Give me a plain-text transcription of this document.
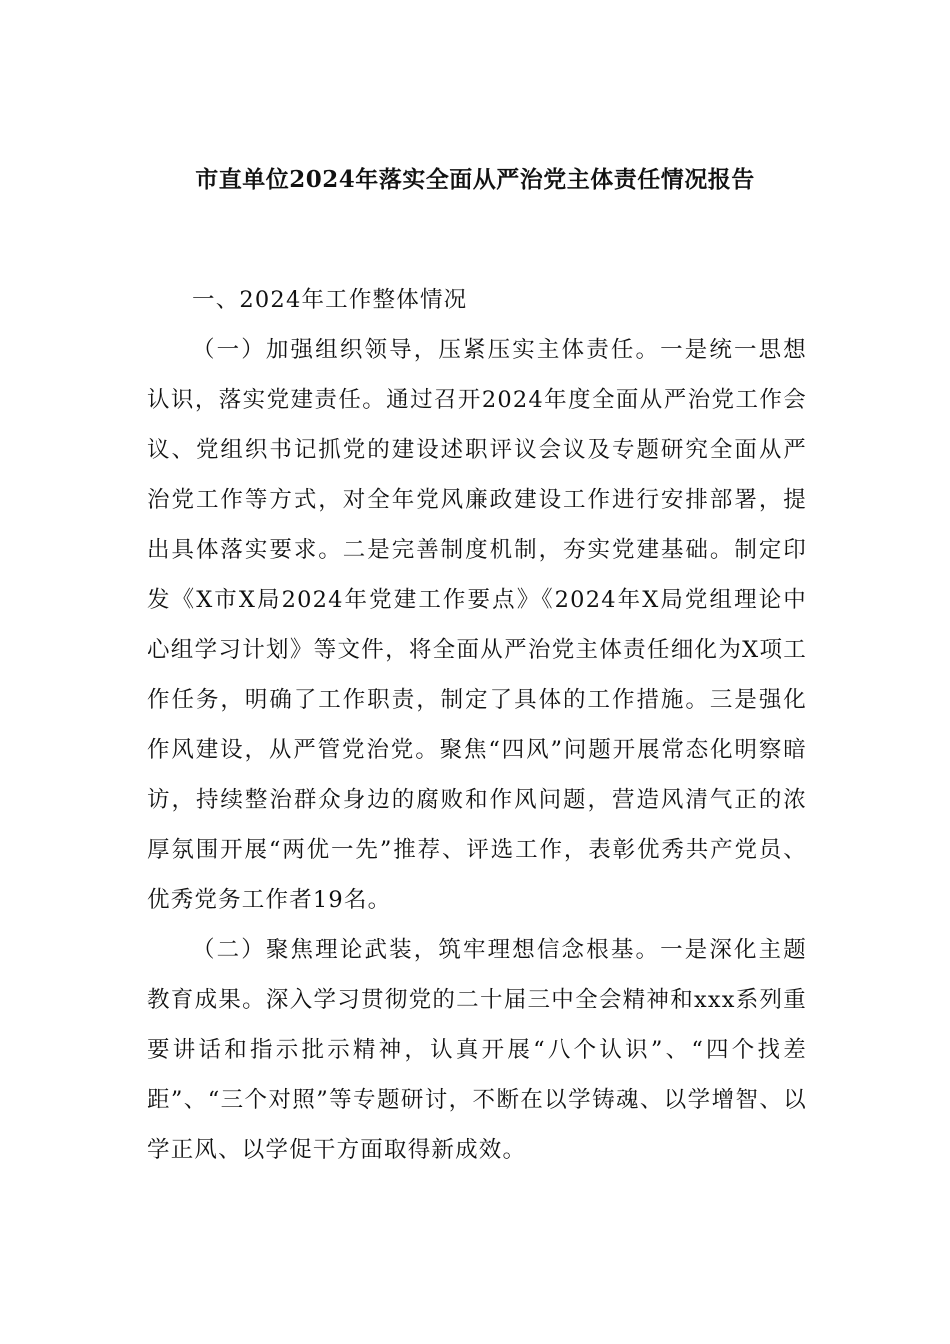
市直单位2024年落实全面从严治党主体责任情况报告
一、2024年工作整体情况

（一）加强组织领导，压紧压实主体责任。一是统一思想认识，落实党建责任。通过召开2024年度全面从严治党工作会议、党组织书记抓党的建设述职评议会议及专题研究全面从严治党工作等方式，对全年党风廉政建设工作进行安排部署，提出具体落实要求。二是完善制度机制，夯实党建基础。制定印发《X市X局2024年党建工作要点》《2024年X局党组理论中心组学习计划》等文件，将全面从严治党主体责任细化为X项工作任务，明确了工作职责，制定了具体的工作措施。三是强化作风建设，从严管党治党。聚焦“四风”问题开展常态化明察暗访，持续整治群众身边的腐败和作风问题，营造风清气正的浓厚氛围开展“两优一先”推荐、评选工作，表彰优秀共产党员、优秀党务工作者19名。

（二）聚焦理论武装，筑牢理想信念根基。一是深化主题教育成果。深入学习贯彻党的二十届三中全会精神和xxx系列重要讲话和指示批示精神，认真开展“八个认识”、“四个找差距”、“三个对照”等专题研讨，不断在以学铸魂、以学增智、以学正风、以学促干方面取得新成效。
